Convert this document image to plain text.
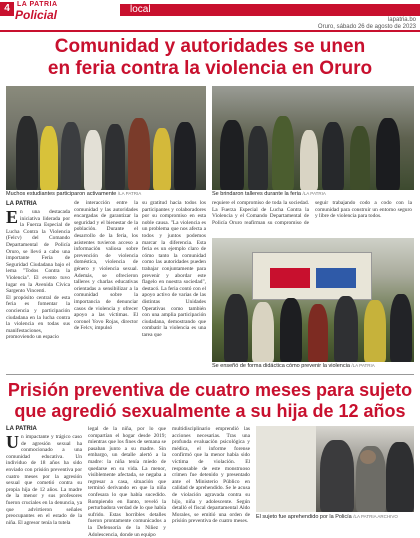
4	LA PATRIA
Policial	local
lapatria.bo
Oruro, sábado 26 de agosto de 2023
Comunidad y autoridades se unen
en feria contra la violencia en Oruro
Muchos estudiantes participaron activamente /LA PATRIA	Se brindaron talleres durante la feria /LA PATRIA
LA PATRIA
En una destacada iniciativa liderada por la Fuerza Especial de Lucha Contra la Violencia (Felcv) del Comando Departamental de Policía Oruro, se llevó a cabo una importante Feria de Seguridad Ciudadana bajo el lema "Todos Contra la Violencia". El evento tuvo lugar en la Avenida Cívica Sargento Vincenti.
El propósito central de esta feria es fomentar la conciencia y participación ciudadana en la lucha contra la violencia en todas sus manifestaciones, promoviendo un espacio
de interacción entre la comunidad y las autoridades encargadas de garantizar la seguridad y el bienestar de la población. Durante el desarrollo de la feria, los asistentes tuvieron acceso a información valiosa sobre prevención de violencia doméstica, violencia de género y violencia sexual. Además, se ofrecieron talleres y charlas educativas orientadas a sensibilizar a la comunidad sobre la importancia de denunciar casos de violencia y ofrecer apoyo a las víctimas. El coronel Yovo Rojas, director de Felcv, impulsó
su gratitud hacia todos los participantes y colaboradores por su compromiso en esta noble causa. "La violencia es un problema que nos afecta a todos y juntos podemos marcar la diferencia. Esta feria es un ejemplo claro de cómo tanto la comunidad como las autoridades pueden trabajar conjuntamente para prevenir y abordar este flagelo en nuestra sociedad", destacó. La feria contó con el apoyo activo de varias de las distintas Unidades Operativas como también con una amplia participación ciudadana, demostrando que combatir la violencia es una tarea que
requiere el compromiso de toda la sociedad. La Fuerza Especial de Lucha Contra la Violencia y el Comando Departamental de Policía Oruro reafirman su compromiso de seguir trabajando codo a codo con la comunidad para construir un entorno seguro y libre de violencia para todos.
Se enseñó de forma didáctica cómo prevenir la violencia /LA PATRIA
Prisión preventiva de cuatro meses para sujeto
que agredió sexualmente a su hija de 12 años
LA PATRIA
Un impactante y trágico caso de agresión sexual ha conmocionado a una comunidad educativa. Un individuo de 18 años ha sido enviado con prisión preventiva por cuatro meses por la agresión sexual que cometió contra su propia hija de 12 años. La madre de la menor y sus profesores fueron cruciales en la denuncia, ya que advirtieron señales preocupantes en el estado de la niña. El agresor tenía la tutela
legal de la niña, por lo que compartían el hogar desde 2019; mientras que los fines de semana se pasaban junto a su madre. Sin embargo, un detalle alertó a la madre: la niña tenía miedo de quedarse en su vida. La menor, visiblemente afectada, se negaba a regresar a casa, situación que terminó derivando en que la niña confesara lo que había sucedido. Rompiendo en llanto, reveló la perturbadora verdad de lo que había sufrido. Estas horribles detalles fueron prontamente comunicados a la Defensoría de la Niñez y Adolescencia, donde un equipo
multidisciplinario emprendió las acciones necesarias. Tras una profunda evaluación psicológica y médica, el informe forense confirmó que la menor había sido víctima de violación. El responsable de este monstruoso crimen fue detenido y presentado ante el Ministerio Público en calidad de aprehendido. Se le acusa de violación agravada contra su hijo, niña y adolescente. Según detalló el fiscal departamental Aldo Morales, se emitió una orden de prisión preventiva de cuatro meses.
El sujeto fue aprehendido por la Policía /LA PATRIA ARCHIVO
